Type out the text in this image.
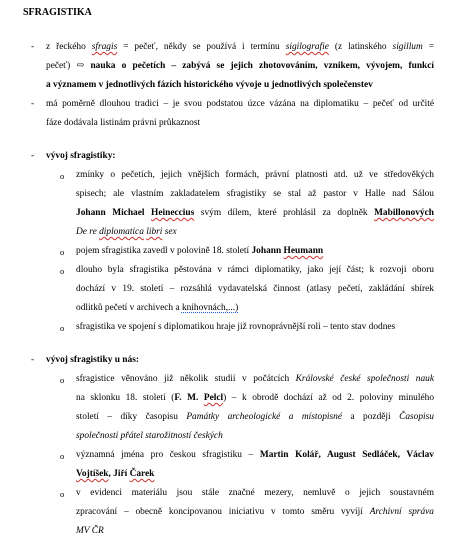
SFRAGISTIKA
- z řeckého sfragis = pečeť, někdy se používá i termínu sigilografie (z latinského sigillum =
pečeť) ⇨ nauka o pečetích – zabývá se jejich zhotovováním, vznikem, vývojem, funkcí
a významem v jednotlivých fázích historického vývoje u jednotlivých společenstev
- má poměrně dlouhou tradici – je svou podstatou úzce vázána na diplomatiku – pečeť od určité
fáze dodávala listinám právní průkaznost
- vývoj sfragistiky:
o zmínky o pečetích, jejich vnějších formách, právní platnosti atd. už ve středověkých
spisech; ale vlastním zakladatelem sfragistiky se stal až pastor v Halle nad Sálou
Johann Michael Heineccius svým dílem, které prohlásil za doplněk Mabillonových
De re diplomatica libri sex
o pojem sfragistika zavedl v polovině 18. století Johann Heumann
o dlouho byla sfragistika pěstována v rámci diplomatiky, jako její část; k rozvoji oboru
dochází v 19. století – rozsáhlá vydavatelská činnost (atlasy pečetí, zakládání sbírek
odlitků pečetí v archivech a knihovnách,...)
o sfragistika ve spojení s diplomatikou hraje již rovnoprávnější roli – tento stav dodnes
- vývoj sfragistiky u nás:
o sfragistice věnováno již několik studií v počátcích Královské české společnosti nauk
na sklonku 18. století (F. M. Pelcl) – k obrodě dochází až od 2. poloviny minulého
století – díky časopisu Památky archeologické a místopisné a později Časopisu
společnosti přátel starožitností českých
o významná jména pro českou sfragistiku – Martin Kolář, August Sedláček, Václav
Vojtíšek, Jiří Čarek
o v evidenci materiálu jsou stále značné mezery, nemluvě o jejich soustavném
zpracování – obecně koncipovanou iniciativu v tomto směru vyvíjí Archivní správa
MV ČR
